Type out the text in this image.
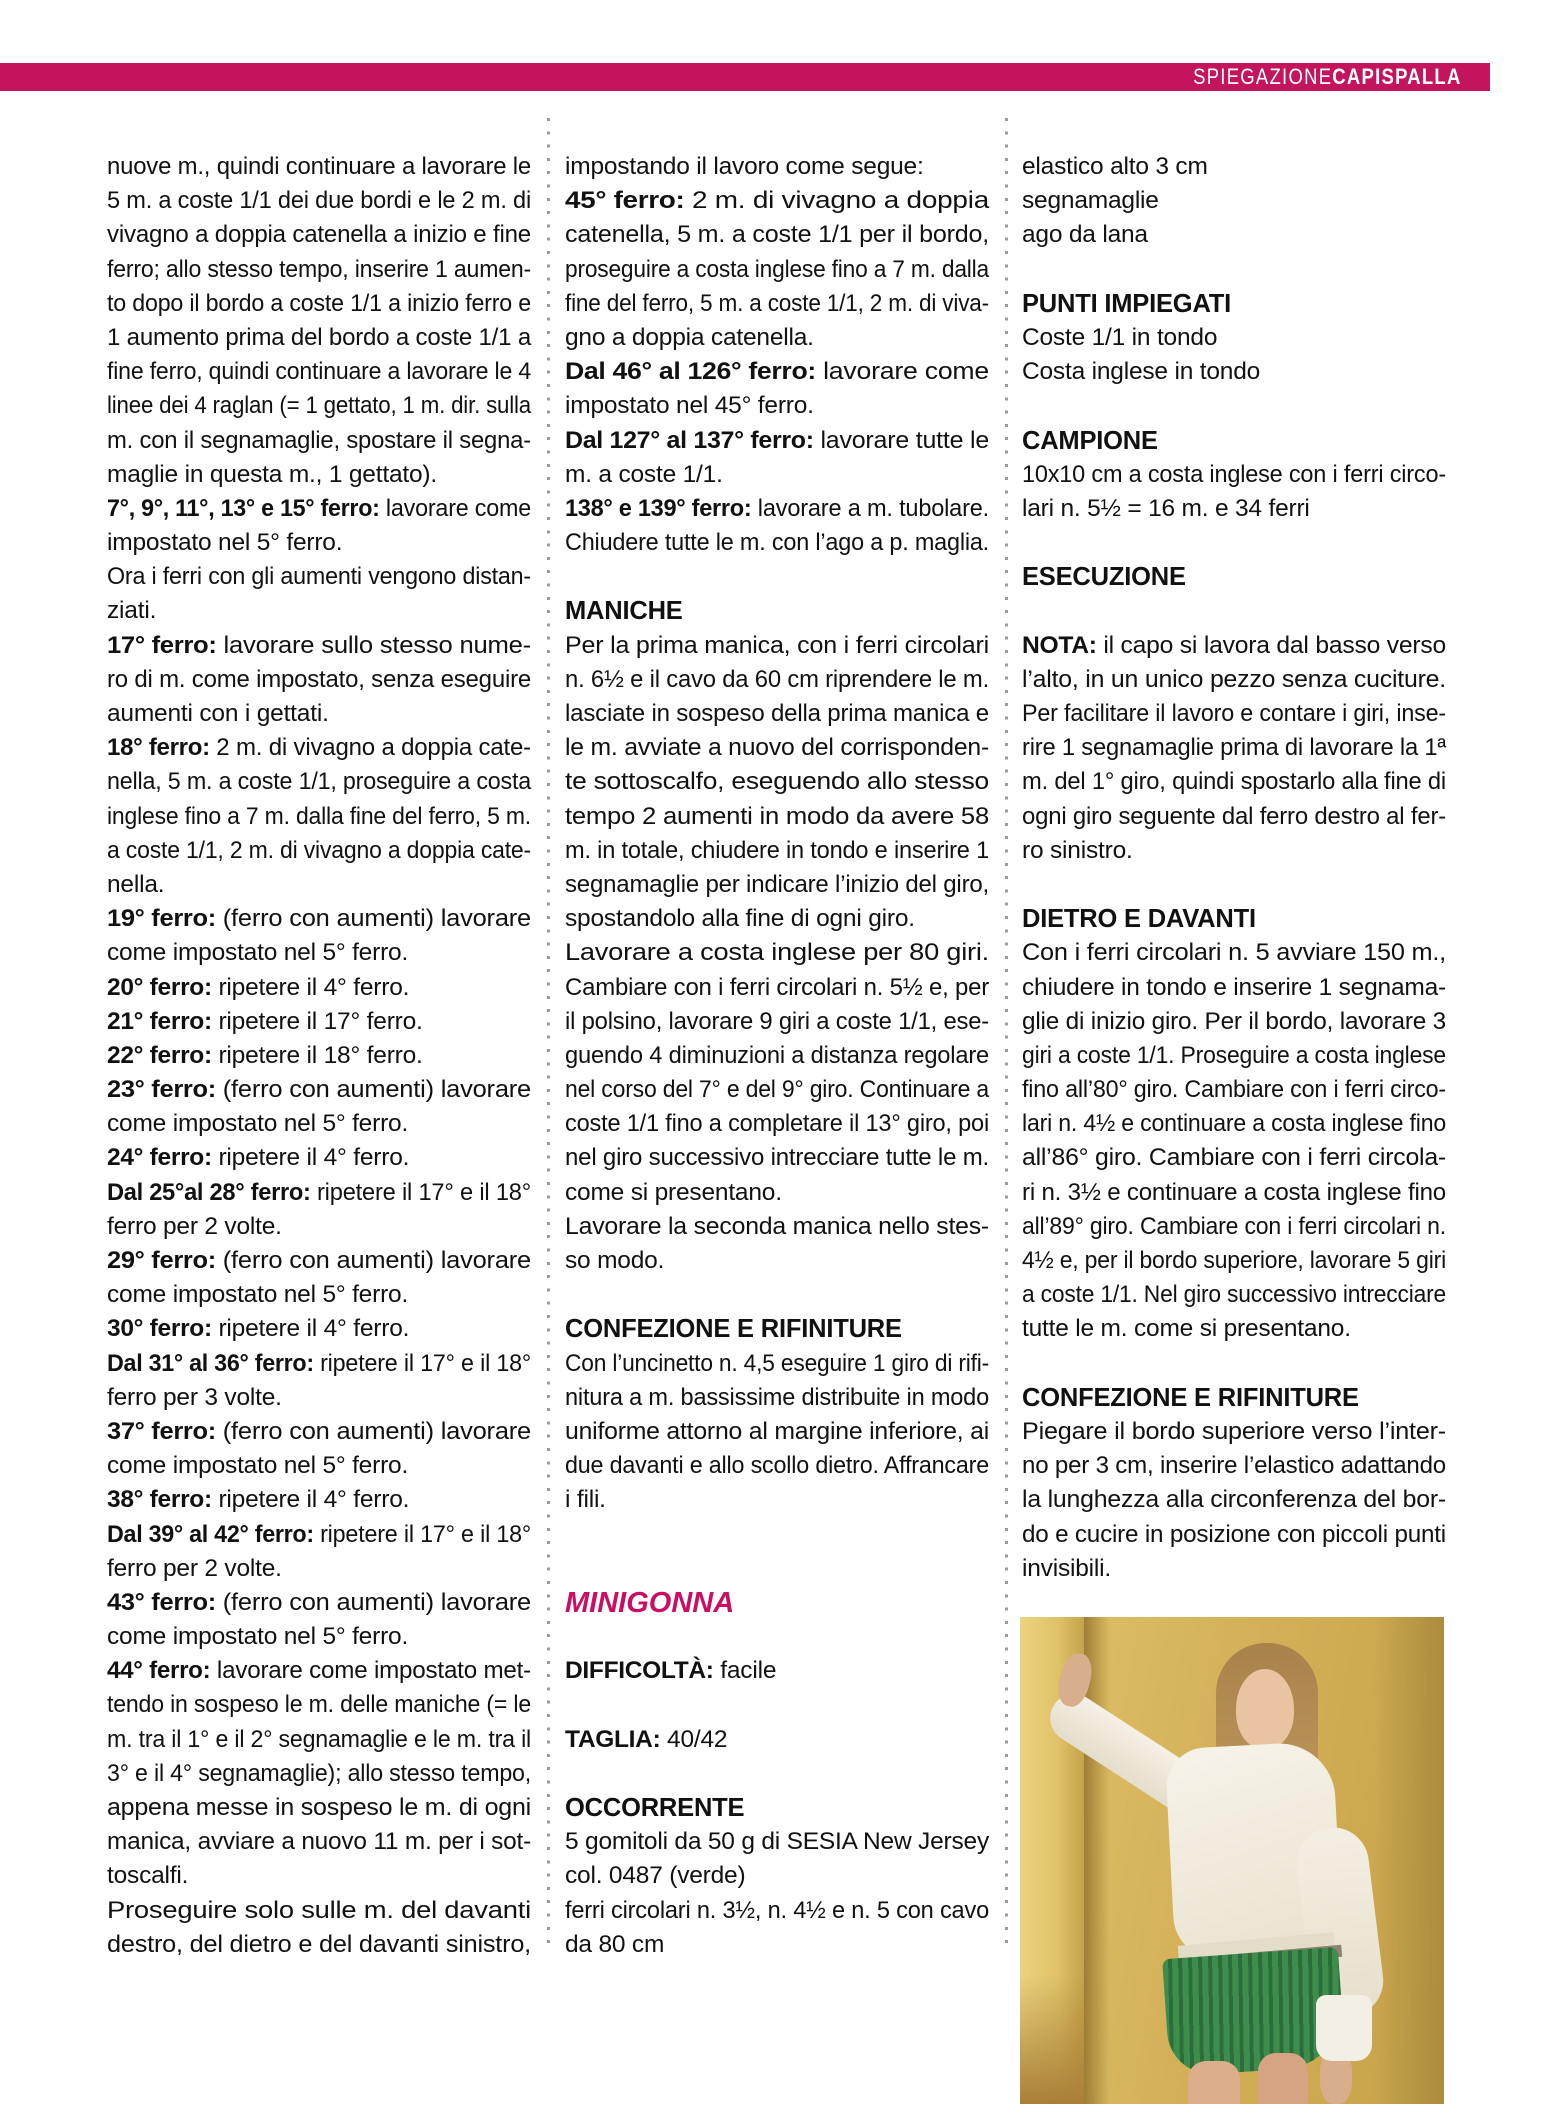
SPIEGAZIONECAPISPALLA
nuove m., quindi continuare a lavorare le
5 m. a coste 1/1 dei due bordi e le 2 m. di
vivagno a doppia catenella a inizio e fine
ferro; allo stesso tempo, inserire 1 aumen-
to dopo il bordo a coste 1/1 a inizio ferro e
1 aumento prima del bordo a coste 1/1 a
fine ferro, quindi continuare a lavorare le 4
linee dei 4 raglan (= 1 gettato, 1 m. dir. sulla
m. con il segnamaglie, spostare il segna-
maglie in questa m., 1 gettato).
7°, 9°, 11°, 13° e 15° ferro: lavorare come
impostato nel 5° ferro.
Ora i ferri con gli aumenti vengono distan-
ziati.
17° ferro: lavorare sullo stesso nume-
ro di m. come impostato, senza eseguire
aumenti con i gettati.
18° ferro: 2 m. di vivagno a doppia cate-
nella, 5 m. a coste 1/1, proseguire a costa
inglese fino a 7 m. dalla fine del ferro, 5 m.
a coste 1/1, 2 m. di vivagno a doppia cate-
nella.
19° ferro: (ferro con aumenti) lavorare
come impostato nel 5° ferro.
20° ferro: ripetere il 4° ferro.
21° ferro: ripetere il 17° ferro.
22° ferro: ripetere il 18° ferro.
23° ferro: (ferro con aumenti) lavorare
come impostato nel 5° ferro.
24° ferro: ripetere il 4° ferro.
Dal 25°al 28° ferro: ripetere il 17° e il 18°
ferro per 2 volte.
29° ferro: (ferro con aumenti) lavorare
come impostato nel 5° ferro.
30° ferro: ripetere il 4° ferro.
Dal 31° al 36° ferro: ripetere il 17° e il 18°
ferro per 3 volte.
37° ferro: (ferro con aumenti) lavorare
come impostato nel 5° ferro.
38° ferro: ripetere il 4° ferro.
Dal 39° al 42° ferro: ripetere il 17° e il 18°
ferro per 2 volte.
43° ferro: (ferro con aumenti) lavorare
come impostato nel 5° ferro.
44° ferro: lavorare come impostato met-
tendo in sospeso le m. delle maniche (= le
m. tra il 1° e il 2° segnamaglie e le m. tra il
3° e il 4° segnamaglie); allo stesso tempo,
appena messe in sospeso le m. di ogni
manica, avviare a nuovo 11 m. per i sot-
toscalfi.
Proseguire solo sulle m. del davanti
destro, del dietro e del davanti sinistro,
impostando il lavoro come segue:
45° ferro: 2 m. di vivagno a doppia
catenella, 5 m. a coste 1/1 per il bordo,
proseguire a costa inglese fino a 7 m. dalla
fine del ferro, 5 m. a coste 1/1, 2 m. di viva-
gno a doppia catenella.
Dal 46° al 126° ferro: lavorare come
impostato nel 45° ferro.
Dal 127° al 137° ferro: lavorare tutte le
m. a coste 1/1.
138° e 139° ferro: lavorare a m. tubolare.
Chiudere tutte le m. con l’ago a p. maglia.
MANICHE
Per la prima manica, con i ferri circolari
n. 6½ e il cavo da 60 cm riprendere le m.
lasciate in sospeso della prima manica e
le m. avviate a nuovo del corrisponden-
te sottoscalfo, eseguendo allo stesso
tempo 2 aumenti in modo da avere 58
m. in totale, chiudere in tondo e inserire 1
segnamaglie per indicare l’inizio del giro,
spostandolo alla fine di ogni giro.
Lavorare a costa inglese per 80 giri.
Cambiare con i ferri circolari n. 5½ e, per
il polsino, lavorare 9 giri a coste 1/1, ese-
guendo 4 diminuzioni a distanza regolare
nel corso del 7° e del 9° giro. Continuare a
coste 1/1 fino a completare il 13° giro, poi
nel giro successivo intrecciare tutte le m.
come si presentano.
Lavorare la seconda manica nello stes-
so modo.
CONFEZIONE E RIFINITURE
Con l’uncinetto n. 4,5 eseguire 1 giro di rifi-
nitura a m. bassissime distribuite in modo
uniforme attorno al margine inferiore, ai
due davanti e allo scollo dietro. Affrancare
i fili.
MINIGONNA
DIFFICOLTÀ: facile
TAGLIA: 40/42
OCCORRENTE
5 gomitoli da 50 g di SESIA New Jersey
col. 0487 (verde)
ferri circolari n. 3½, n. 4½ e n. 5 con cavo
da 80 cm
elastico alto 3 cm
segnamaglie
ago da lana
PUNTI IMPIEGATI
Coste 1/1 in tondo
Costa inglese in tondo
CAMPIONE
10x10 cm a costa inglese con i ferri circo-
lari n. 5½ = 16 m. e 34 ferri
ESECUZIONE
NOTA: il capo si lavora dal basso verso
l’alto, in un unico pezzo senza cuciture.
Per facilitare il lavoro e contare i giri, inse-
rire 1 segnamaglie prima di lavorare la 1ª
m. del 1° giro, quindi spostarlo alla fine di
ogni giro seguente dal ferro destro al fer-
ro sinistro.
DIETRO E DAVANTI
Con i ferri circolari n. 5 avviare 150 m.,
chiudere in tondo e inserire 1 segnama-
glie di inizio giro. Per il bordo, lavorare 3
giri a coste 1/1. Proseguire a costa inglese
fino all’80° giro. Cambiare con i ferri circo-
lari n. 4½ e continuare a costa inglese fino
all’86° giro. Cambiare con i ferri circola-
ri n. 3½ e continuare a costa inglese fino
all’89° giro. Cambiare con i ferri circolari n.
4½ e, per il bordo superiore, lavorare 5 giri
a coste 1/1. Nel giro successivo intrecciare
tutte le m. come si presentano.
CONFEZIONE E RIFINITURE
Piegare il bordo superiore verso l’inter-
no per 3 cm, inserire l’elastico adattando
la lunghezza alla circonferenza del bor-
do e cucire in posizione con piccoli punti
invisibili.
